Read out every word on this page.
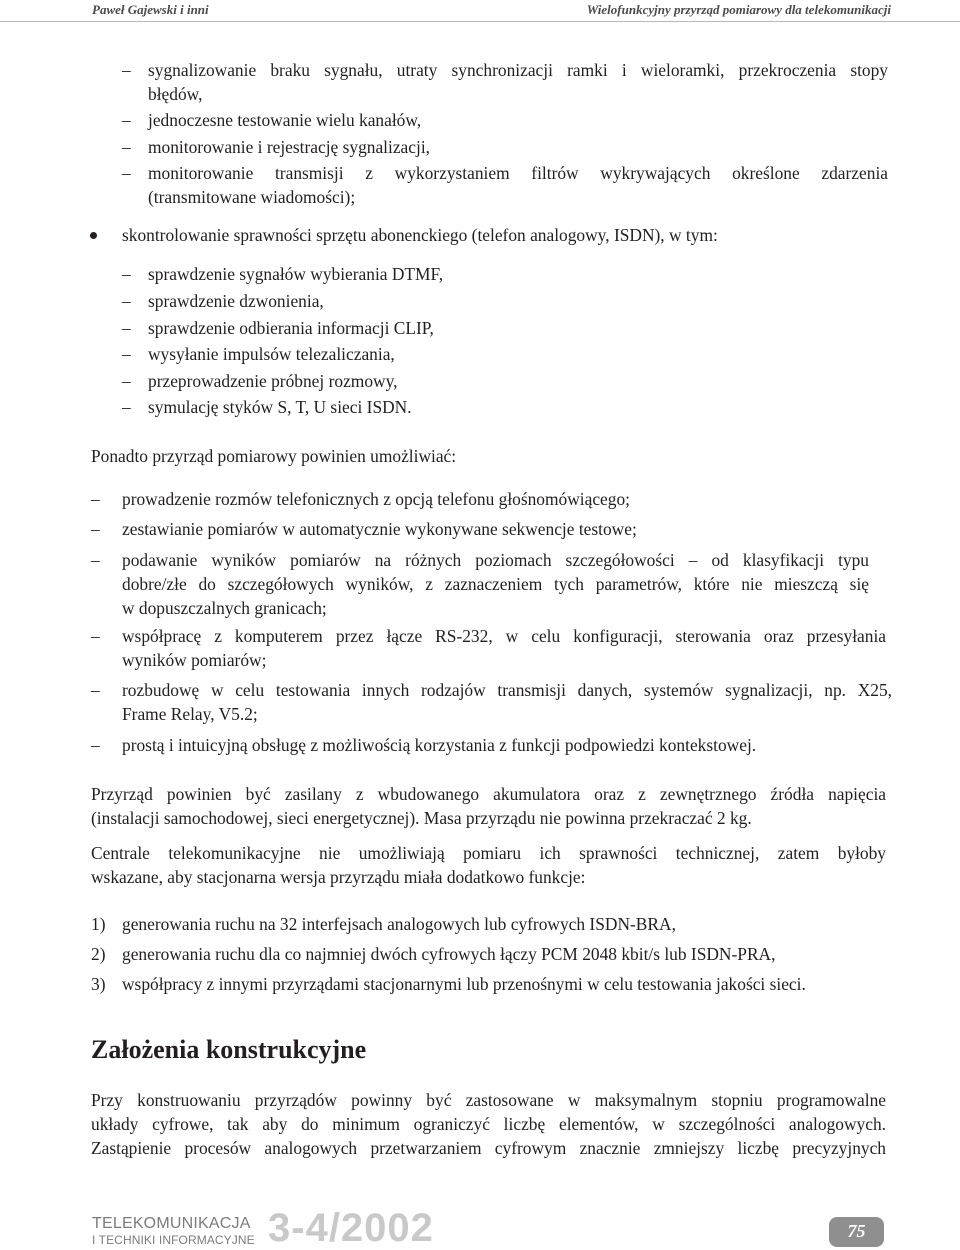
Paweł Gajewski i inni	Wielofunkcyjny przyrząd pomiarowy dla telekomunikacji
– sygnalizowanie braku sygnału, utraty synchronizacji ramki i wieloramki, przekroczenia stopy
błędów,
– jednoczesne testowanie wielu kanałów,
– monitorowanie i rejestrację sygnalizacji,
– monitorowanie transmisji z wykorzystaniem filtrów wykrywających określone zdarzenia
(transmitowane wiadomości);
skontrolowanie sprawności sprzętu abonenckiego (telefon analogowy, ISDN), w tym:
– sprawdzenie sygnałów wybierania DTMF,
– sprawdzenie dzwonienia,
– sprawdzenie odbierania informacji CLIP,
– wysyłanie impulsów telezaliczania,
– przeprowadzenie próbnej rozmowy,
– symulację styków S, T, U sieci ISDN.
Ponadto przyrząd pomiarowy powinien umożliwiać:
–	prowadzenie rozmów telefonicznych z opcją telefonu głośnomówiącego;
–	zestawianie pomiarów w automatycznie wykonywane sekwencje testowe;
–	podawanie wyników pomiarów na różnych poziomach szczegółowości – od klasyfikacji typu
dobre/złe do szczegółowych wyników, z zaznaczeniem tych parametrów, które nie mieszczą się
w dopuszczalnych granicach;
–	współpracę z komputerem przez łącze RS-232, w celu konfiguracji, sterowania oraz przesyłania
wyników pomiarów;
–	rozbudowę w celu testowania innych rodzajów transmisji danych, systemów sygnalizacji, np. X25,
Frame Relay, V5.2;
–	prostą i intuicyjną obsługę z możliwością korzystania z funkcji podpowiedzi kontekstowej.
Przyrząd powinien być zasilany z wbudowanego akumulatora oraz z zewnętrznego źródła napięcia
(instalacji samochodowej, sieci energetycznej). Masa przyrządu nie powinna przekraczać 2 kg.
Centrale telekomunikacyjne nie umożliwiają pomiaru ich sprawności technicznej, zatem byłoby
wskazane, aby stacjonarna wersja przyrządu miała dodatkowo funkcje:
1) generowania ruchu na 32 interfejsach analogowych lub cyfrowych ISDN-BRA,
2) generowania ruchu dla co najmniej dwóch cyfrowych łączy PCM 2048 kbit/s lub ISDN-PRA,
3) współpracy z innymi przyrządami stacjonarnymi lub przenośnymi w celu testowania jakości sieci.
Założenia konstrukcyjne
Przy konstruowaniu przyrządów powinny być zastosowane w maksymalnym stopniu programowalne
układy cyfrowe, tak aby do minimum ograniczyć liczbę elementów, w szczególności analogowych.
Zastąpienie procesów analogowych przetwarzaniem cyfrowym znacznie zmniejszy liczbę precyzyjnych
TELEKOMUNIKACJA
I TECHNIKI INFORMACYJNE 3-4/2002	75
